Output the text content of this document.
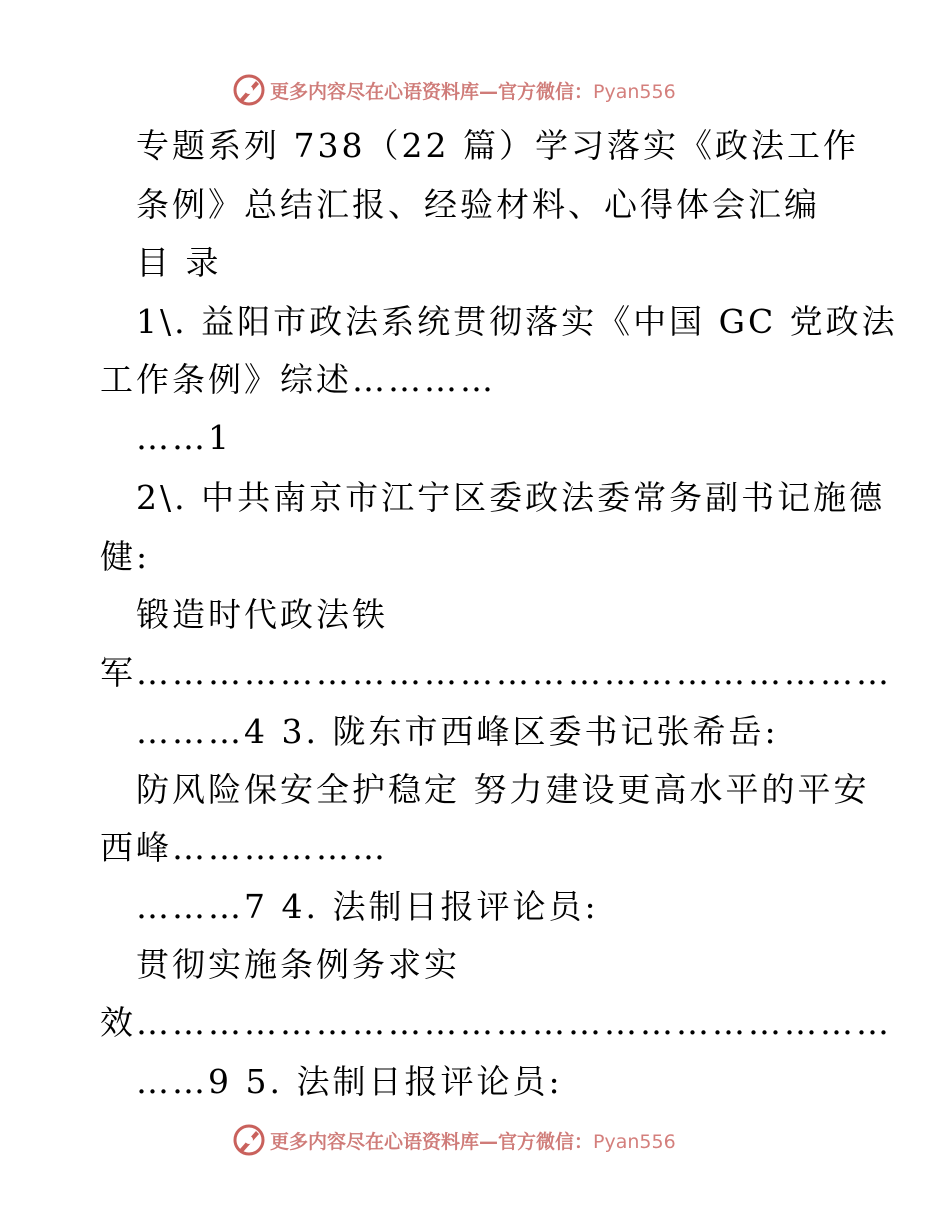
更多内容尽在心语资料库—官方微信：Pyan556
专题系列 738（22 篇）学习落实《政法工作
条例》总结汇报、经验材料、心得体会汇编
目 录
1\. 益阳市政法系统贯彻落实《中国 GC 党政法
工作条例》综述…………
……1
2\. 中共南京市江宁区委政法委常务副书记施德
健:
锻造时代政法铁
军………………………………………………………
………4 3. 陇东市西峰区委书记张希岳:
防风险保安全护稳定 努力建设更高水平的平安
西峰………………
………7 4. 法制日报评论员:
贯彻实施条例务求实
效………………………………………………………
……9 5. 法制日报评论员:
更多内容尽在心语资料库—官方微信：Pyan556
